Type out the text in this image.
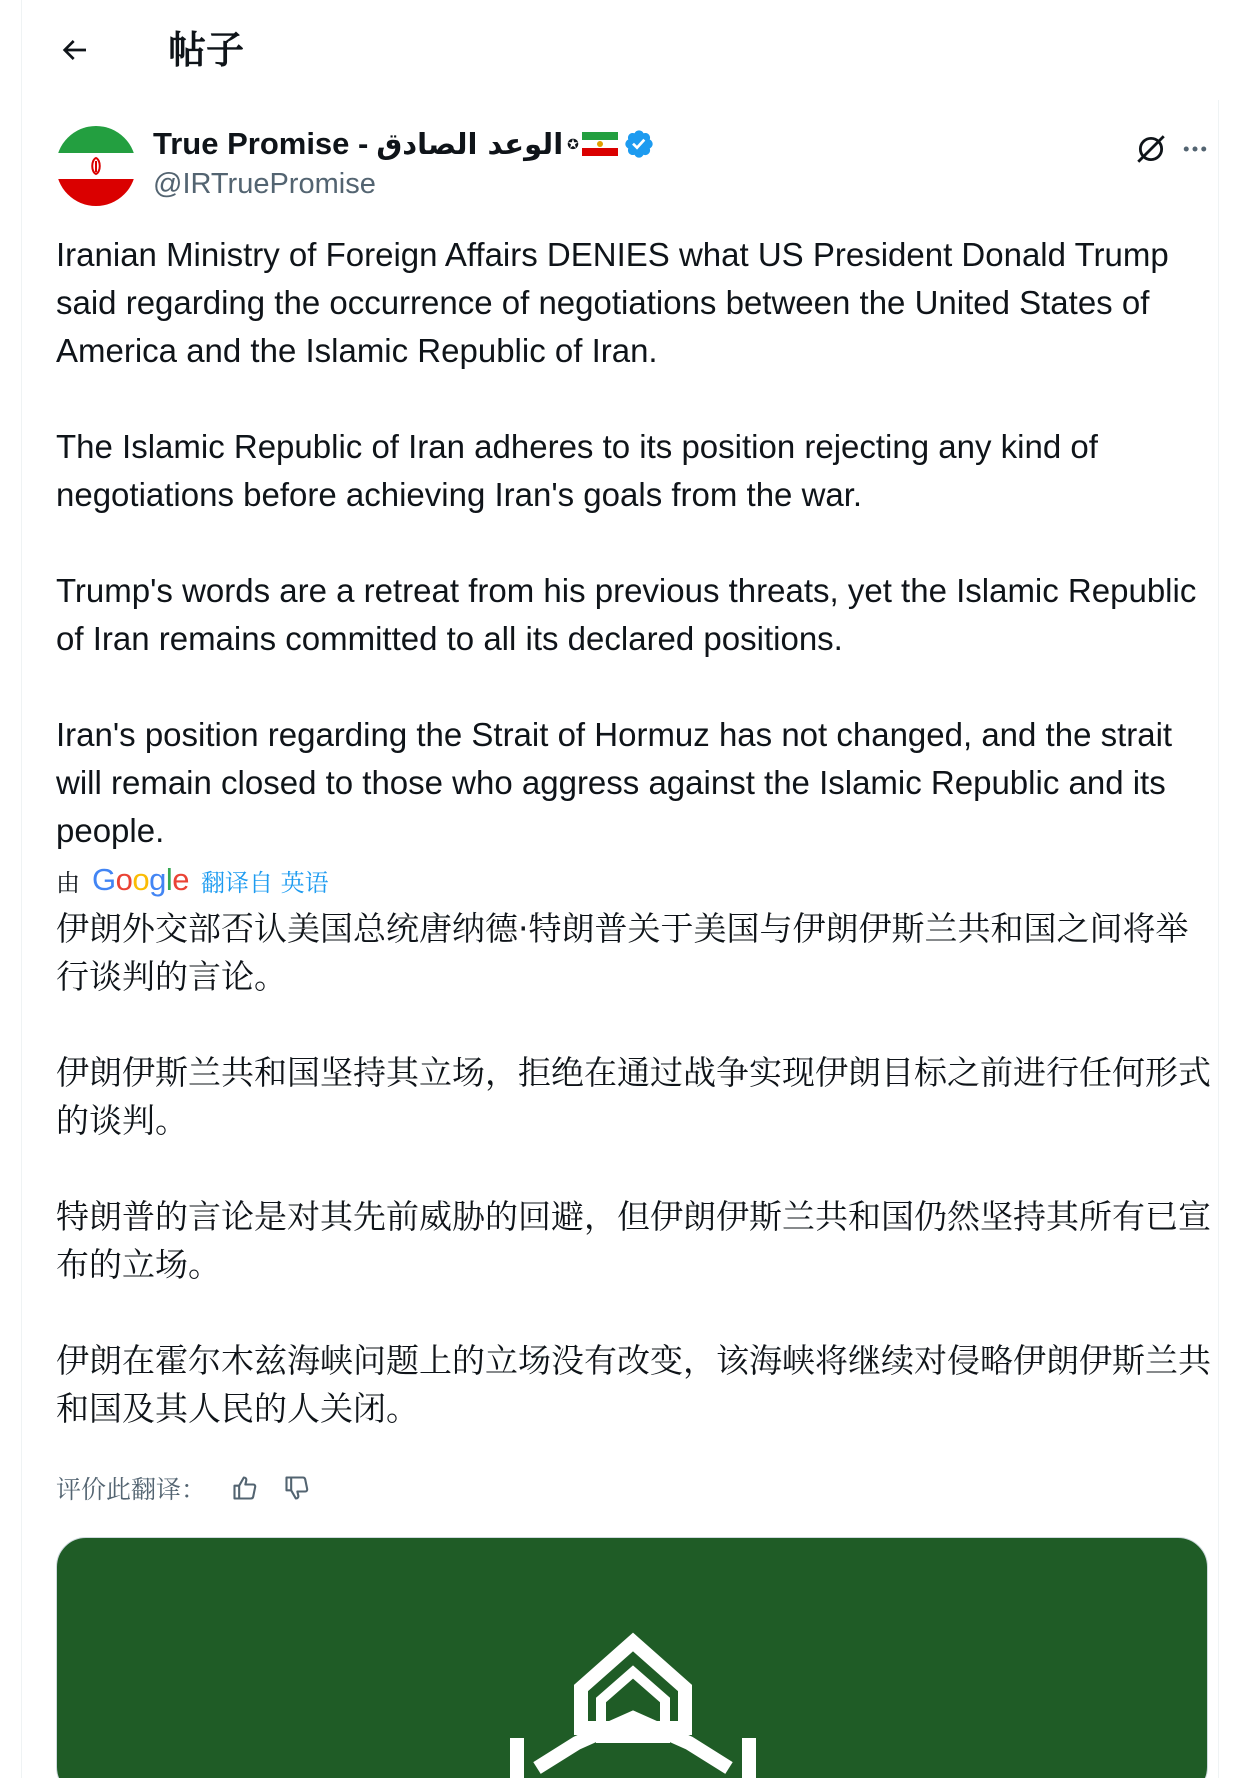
帖子
True Promise - الوعد الصادق ✪
@IRTruePromise
Iranian Ministry of Foreign Affairs DENIES what US President Donald Trump said regarding the occurrence of negotiations between the United States of America and the Islamic Republic of Iran.

The Islamic Republic of Iran adheres to its position rejecting any kind of negotiations before achieving Iran's goals from the war.

Trump's words are a retreat from his previous threats, yet the Islamic Republic of Iran remains committed to all its declared positions.

Iran's position regarding the Strait of Hormuz has not changed, and the strait will remain closed to those who aggress against the Islamic Republic and its people.
由 Google 翻译自 英语
伊朗外交部否认美国总统唐纳德·特朗普关于美国与伊朗伊斯兰共和国之间将举行谈判的言论。

伊朗伊斯兰共和国坚持其立场，拒绝在通过战争实现伊朗目标之前进行任何形式的谈判。

特朗普的言论是对其先前威胁的回避，但伊朗伊斯兰共和国仍然坚持其所有已宣布的立场。

伊朗在霍尔木兹海峡问题上的立场没有改变，该海峡将继续对侵略伊朗伊斯兰共和国及其人民的人关闭。
评价此翻译：
